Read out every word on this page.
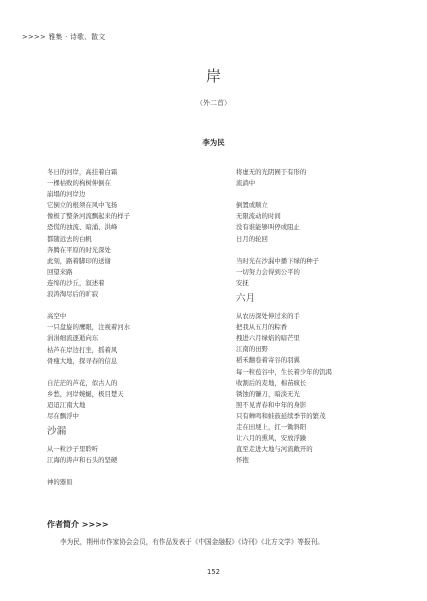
>>>> 雅集 · 诗歌、散文
岸
（外二首）
李为民
冬日的河岸，高挂着白霜
一棵枯败的枸树伸倒在
崩塌的河岸边
它倒立的根须在风中飞扬
像极了整条河流飘起来的样子
恐慌的浊流、暗涌、洪峰
都随远去的白帆
奔腾在平原的时光深处
此刻，路着脚印的送谢
回望来路
连绵的沙丘，叙述着
浪涛淘尽后的旷寂
高空中
一只盘旋的鹰眼，注视着河水
涓涓细流逐逝向东
枯芦在岸边打坐，摇着风
骨瘦大地，探寻春的信息
自茫茫的芦花，似古人的
乡愁，河岸婉蜒，极目楚天
迢迢江南大地
尽在飘浮中
沙漏
从一粒沙子里聆听
江海的涛声和石头的坚硬
神的器皿
将虚无的光阴囿于有形的
流淌中
倒置或顺立
无限流动的时间
没有谁能够叫停或阻止
日月的轮回
当时光在沙漏中播下绿的种子
一切努力会得到公平的
安抚
六月
从农历深处伸过来的手
把我从五月的粽香
拽进六月绿焰的暗芒里
江南的田野
稻禾翻卷着寄谷的羽翼
每一粒苞谷中，生长着少年的饥渴
收割后的麦地，棉苗疯长
锈蚀的镰刀，暗淡无光
照不见青春和中年的身影
只有蝉鸣和蛙鼓延续季节的繁茂
走在田埂上，扛一锄斜阳
让六月的熏风，安放浮躁
直至走进大地与河流敞开的
怀抱
作者简介 >>>>
李为民，荆州市作家协会会员，有作品发表于《中国金融报》《诗刊》《北方文学》等报刊。
152
